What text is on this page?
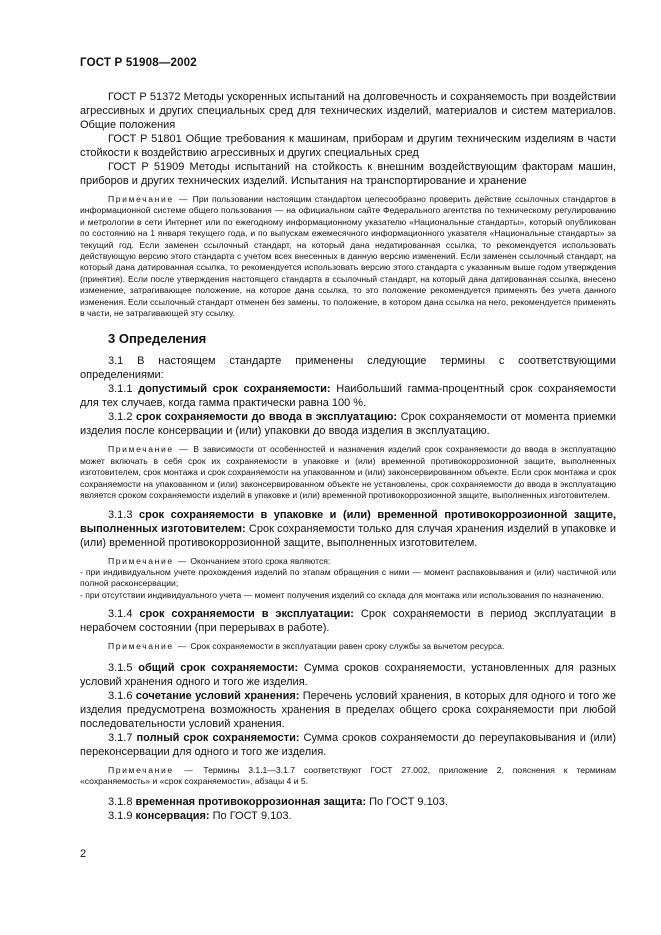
ГОСТ Р 51908—2002

ГОСТ Р 51372 Методы ускоренных испытаний на долговечность и сохраняемость при воздействии агрессивных и других специальных сред для технических изделий, материалов и систем материалов. Общие положения

ГОСТ Р 51801 Общие требования к машинам, приборам и другим техническим изделиям в части стойкости к воздействию агрессивных и других специальных сред

ГОСТ Р 51909 Методы испытаний на стойкость к внешним воздействующим факторам машин, приборов и других технических изделий. Испытания на транспортирование и хранение

Примечание — При пользовании настоящим стандартом целесообразно проверить действие ссылочных стандартов в информационной системе общего пользования — на официальном сайте Федерального агентства по техническому регулированию и метрологии в сети Интернет или по ежегодному информационному указателю «Национальные стандарты», который опубликован по состоянию на 1 января текущего года, и по выпускам ежемесячного информационного указателя «Национальные стандарты» за текущий год. Если заменен ссылочный стандарт, на который дана недатированная ссылка, то рекомендуется использовать действующую версию этого стандарта с учетом всех внесенных в данную версию изменений. Если заменен ссылочный стандарт, на который дана датированная ссылка, то рекомендуется использовать версию этого стандарта с указанным выше годом утверждения (принятия). Если после утверждения настоящего стандарта в ссылочный стандарт, на который дана датированная ссылка, внесено изменение, затрагивающее положение, на которое дана ссылка, то это положение рекомендуется применять без учета данного изменения. Если ссылочный стандарт отменен без замены, то положение, в котором дана ссылка на него, рекомендуется применять в части, не затрагивающей эту ссылку.

3 Определения

3.1 В настоящем стандарте применены следующие термины с соответствующими определениями:

3.1.1 допустимый срок сохраняемости: Наибольший гамма-процентный срок сохраняемости для тех случаев, когда гамма практически равна 100 %.

3.1.2 срок сохраняемости до ввода в эксплуатацию: Срок сохраняемости от момента приемки изделия после консервации и (или) упаковки до ввода изделия в эксплуатацию.

Примечание — В зависимости от особенностей и назначения изделий срок сохраняемости до ввода в эксплуатацию может включать в себя срок их сохраняемости в упаковке и (или) временной противокоррозионной защите, выполненных изготовителем, срок монтажа и срок сохраняемости на упакованном и (или) законсервированном объекте. Если срок монтажа и срок сохраняемости на упакованном и (или) законсервированном объекте не установлены, срок сохраняемости до ввода в эксплуатацию является сроком сохраняемости изделий в упаковке и (или) временной противокоррозионной защите, выполненных изготовителем.

3.1.3 срок сохраняемости в упаковке и (или) временной противокоррозионной защите, выполненных изготовителем: Срок сохраняемости только для случая хранения изделий в упаковке и (или) временной противокоррозионной защите, выполненных изготовителем.

Примечание — Окончанием этого срока являются:

- при индивидуальном учете прохождения изделий по этапам обращения с ними — момент распаковывания и (или) частичной или полной расконсервации;

- при отсутствии индивидуального учета — момент получения изделий со склада для монтажа или использования по назначению.

3.1.4 срок сохраняемости в эксплуатации: Срок сохраняемости в период эксплуатации в нерабочем состоянии (при перерывах в работе).

Примечание — Срок сохраняемости в эксплуатации равен сроку службы за вычетом ресурса.

3.1.5 общий срок сохраняемости: Сумма сроков сохраняемости, установленных для разных условий хранения одного и того же изделия.

3.1.6 сочетание условий хранения: Перечень условий хранения, в которых для одного и того же изделия предусмотрена возможность хранения в пределах общего срока сохраняемости при любой последовательности условий хранения.

3.1.7 полный срок сохраняемости: Сумма сроков сохраняемости до переупаковывания и (или) переконсервации для одного и того же изделия.

Примечание — Термины 3.1.1—3.1.7 соответствуют ГОСТ 27.002, приложение 2, пояснения к терминам «сохраняемость» и «срок сохраняемости», абзацы 4 и 5.

3.1.8 временная противокоррозионная защита: По ГОСТ 9.103.

3.1.9 консервация: По ГОСТ 9.103.

2
